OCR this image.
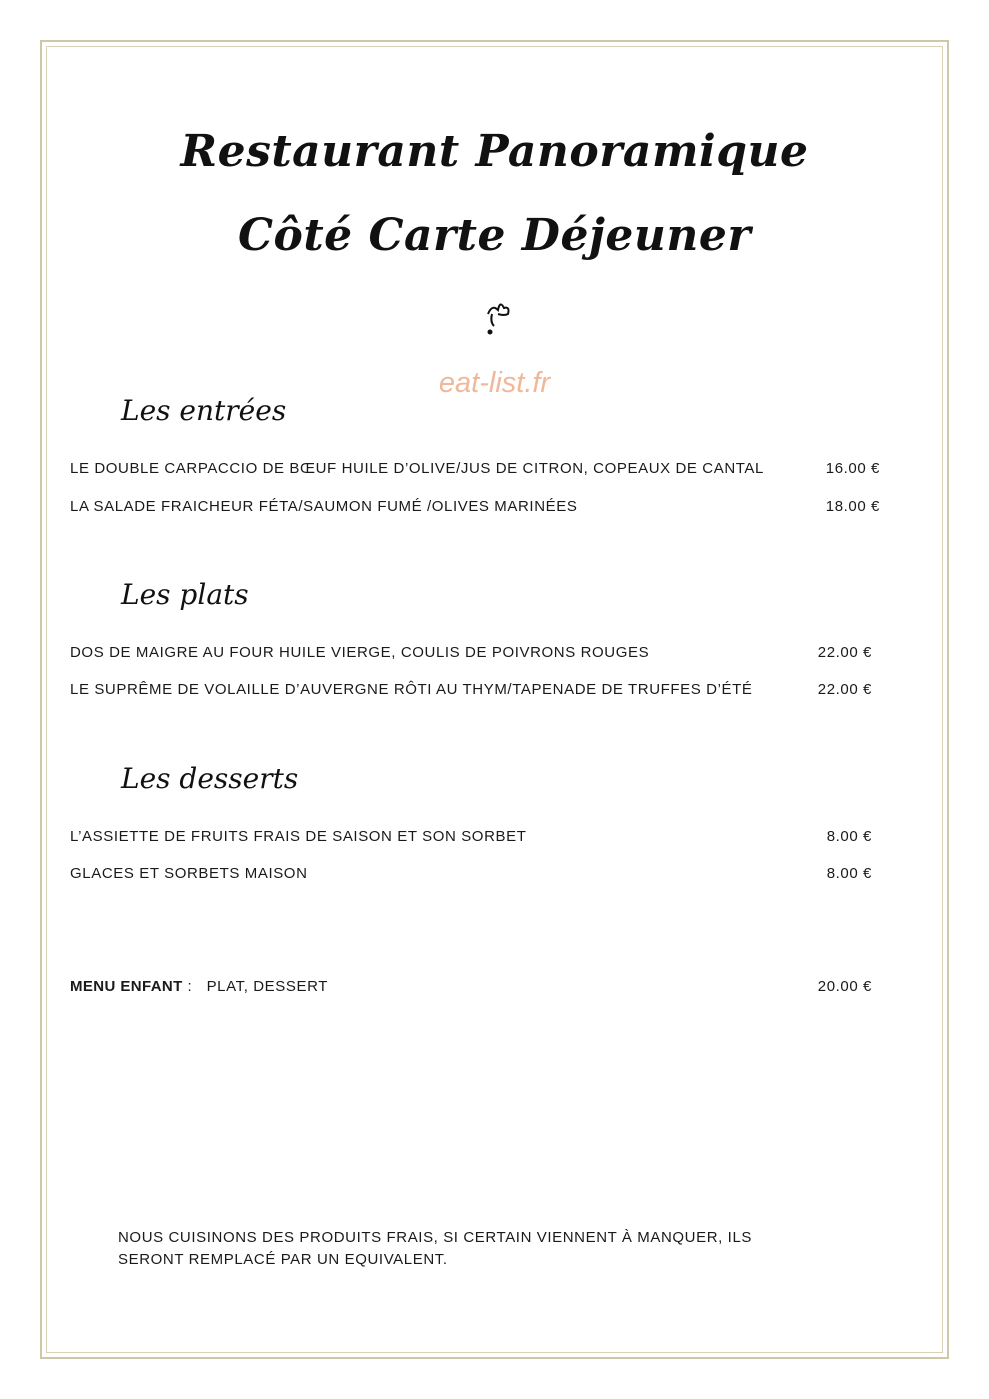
Restaurant Panoramique
Côté Carte Déjeuner
eat-list.fr
Les entrées
LE DOUBLE CARPACCIO DE BŒUF HUILE D’OLIVE/JUS DE CITRON, COPEAUX DE CANTAL	16.00 €
LA SALADE FRAICHEUR FÉTA/SAUMON FUMÉ /OLIVES MARINÉES	18.00 €
Les plats
DOS DE MAIGRE AU FOUR HUILE VIERGE, COULIS DE POIVRONS ROUGES	22.00 €
LE SUPRÊME DE VOLAILLE D’AUVERGNE RÔTI AU THYM/TAPENADE DE TRUFFES D’ÉTÉ	22.00 €
Les desserts
L’ASSIETTE DE FRUITS FRAIS DE SAISON ET SON SORBET	8.00 €
GLACES ET SORBETS MAISON	8.00 €
MENU ENFANT :   PLAT, DESSERT	20.00 €
NOUS CUISINONS DES PRODUITS FRAIS, SI CERTAIN VIENNENT À MANQUER, ILS SERONT REMPLACÉ PAR UN EQUIVALENT.
